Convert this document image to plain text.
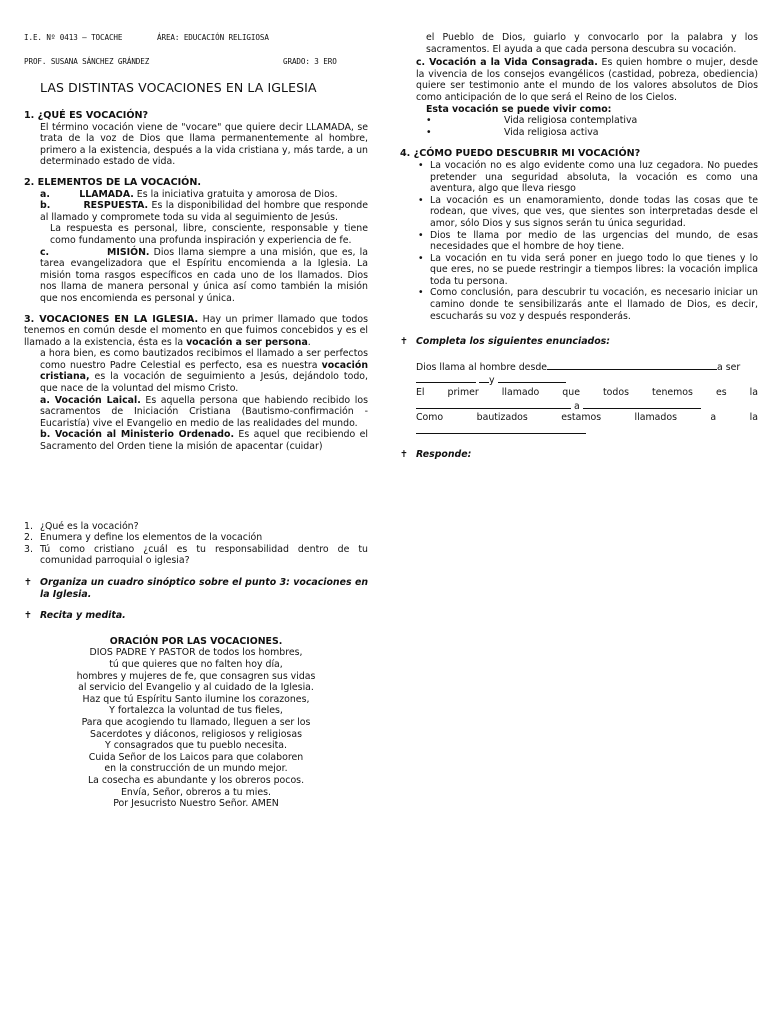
I.E. Nº 0413 – TOCACHE	ÁREA: EDUCACIÓN RELIGIOSA
PROF. SUSANA SÁNCHEZ GRÁNDEZ	GRADO: 3 ERO
LAS DISTINTAS VOCACIONES EN LA IGLESIA

1. ¿QUÉ ES VOCACIÓN?

El término vocación viene de "vocare" que quiere decir LLAMADA, se trata de la voz de Dios que llama permanentemente al hombre, primero a la existencia, después a la vida cristiana y, más tarde, a un determinado estado de vida.

2. ELEMENTOS DE LA VOCACIÓN.

a.         LLAMADA. Es la iniciativa gratuita y amorosa de Dios.

b.         RESPUESTA. Es la disponibilidad del hombre que responde al llamado y compromete toda su vida al seguimiento de Jesús.

La respuesta es personal, libre, consciente, responsable y tiene como fundamento una profunda inspiración y experiencia de fe.

c.             MISIÓN. Dios llama siempre a una misión, que es, la tarea evangelizadora que el Espíritu encomienda a la Iglesia. La misión toma rasgos específicos en cada uno de los llamados. Dios nos llama de manera personal y única así como también la misión que nos encomienda es personal y única.

3. VOCACIONES EN LA IGLESIA. Hay un primer llamado que todos tenemos en común desde el momento en que fuimos concebidos y es el llamado a la existencia, ésta es la vocación a ser persona.

a hora bien, es como bautizados recibimos el llamado a ser perfectos como nuestro Padre Celestial es perfecto, esa es nuestra vocación cristiana, es la vocación de seguimiento a Jesús, dejándolo todo, que nace de la voluntad del mismo Cristo.

a. Vocación Laical. Es aquella persona que habiendo recibido los sacramentos de Iniciación Cristiana (Bautismo-confirmación - Eucaristía) vive el Evangelio en medio de las realidades del mundo.

b. Vocación al Ministerio Ordenado. Es aquel que recibiendo el Sacramento del Orden tiene la misión de apacentar (cuidar)

1. ¿Qué es la vocación?

2. Enumera y define los elementos de la vocación

3. Tú como cristiano ¿cuál es tu responsabilidad dentro de tu comunidad parroquial o iglesia?

✝ Organiza un cuadro sinóptico sobre el punto 3: vocaciones en la Iglesia.

✝ Recita y medita.

ORACIÓN POR LAS VOCACIONES.

DIOS PADRE Y PASTOR de todos los hombres,

tú que quieres que no falten hoy día,

hombres y mujeres de fe, que consagren sus vidas

al servicio del Evangelio y al cuidado de la Iglesia.

Haz que tú Espíritu Santo ilumine los corazones,

Y fortalezca la voluntad de tus fieles,

Para que acogiendo tu llamado, lleguen a ser los

Sacerdotes y diáconos, religiosos y religiosas

Y consagrados que tu pueblo necesita.

Cuida Señor de los Laicos para que colaboren

en la construcción de un mundo mejor.

La cosecha es abundante y los obreros pocos.

Envía, Señor, obreros a tu mies.

Por Jesucristo Nuestro Señor. AMEN

el Pueblo de Dios, guiarlo y convocarlo por la palabra y los sacramentos. El ayuda a que cada persona descubra su vocación.

c. Vocación a la Vida Consagrada. Es quien hombre o mujer, desde la vivencia de los consejos evangélicos (castidad, pobreza, obediencia) quiere ser testimonio ante el mundo de los valores absolutos de Dios como anticipación de lo que será el Reino de los Cielos.

Esta vocación se puede vivir como:

• Vida religiosa contemplativa

• Vida religiosa activa

4. ¿CÓMO PUEDO DESCUBRIR MI VOCACIÓN?

• La vocación no es algo evidente como una luz cegadora. No puedes pretender una seguridad absoluta, la vocación es como una aventura, algo que lleva riesgo

• La vocación es un enamoramiento, donde todas las cosas que te rodean, que vives, que ves, que sientes son interpretadas desde el amor, sólo Dios y sus signos serán tu única seguridad.

• Dios te llama por medio de las urgencias del mundo, de esas necesidades que el hombre de hoy tiene.

• La vocación en tu vida será poner en juego todo lo que tienes y lo que eres, no se puede restringir a tiempos libres: la vocación implica toda tu persona.

• Como conclusión, para descubrir tu vocación, es necesario iniciar un camino donde te sensibilizarás ante el llamado de Dios, es decir, escucharás su voz y después responderás.

✝ Completa los siguientes enunciados:

Dios llama al hombre desde	a ser

y

El primer llamado que todos tenemos es la

a

Como bautizados estamos llamados a la

✝ Responde:
